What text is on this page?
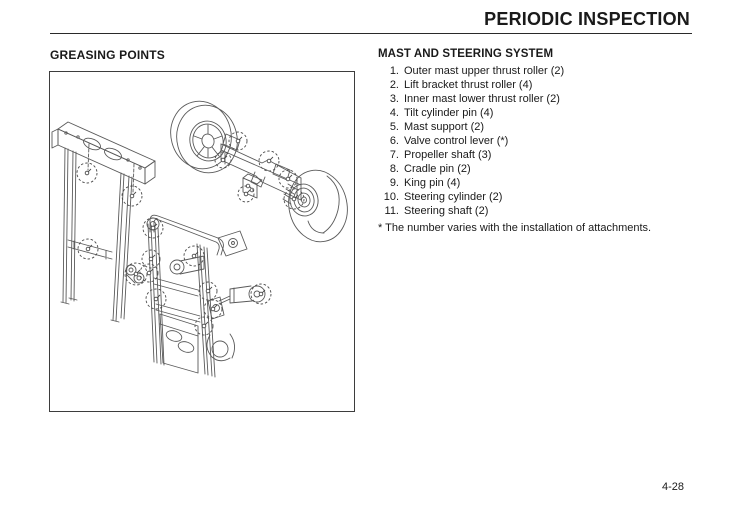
PERIODIC INSPECTION
GREASING POINTS	MAST AND STEERING SYSTEM
1. Outer mast upper thrust roller (2)
2. Lift bracket thrust roller (4)
3. Inner mast lower thrust roller (2)
4. Tilt cylinder pin (4)
5. Mast support (2)
6. Valve control lever (*)
7. Propeller shaft (3)
8. Cradle pin (2)
9. King pin (4)
10. Steering cylinder (2)
11. Steering shaft (2)
* The number varies with the installation of attachments.
4-28
